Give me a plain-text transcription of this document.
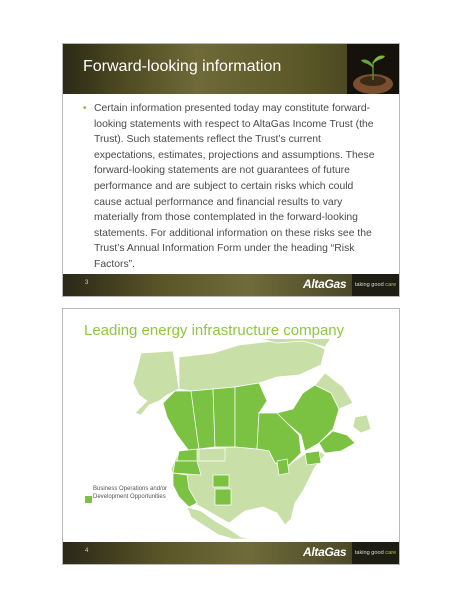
Forward-looking information
• Certain information presented today may constitute forward-looking statements with respect to AltaGas Income Trust (the Trust). Such statements reflect the Trust’s current expectations, estimates, projections and assumptions. These forward-looking statements are not guarantees of future performance and are subject to certain risks which could cause actual performance and financial results to vary materially from those contemplated in the forward-looking statements. For additional information on these risks see the Trust’s Annual Information Form under the heading “Risk Factors”.

3	AltaGas	taking good care
Leading energy infrastructure company
Business Operations and/or Development Opportunities
4	AltaGas	taking good care
